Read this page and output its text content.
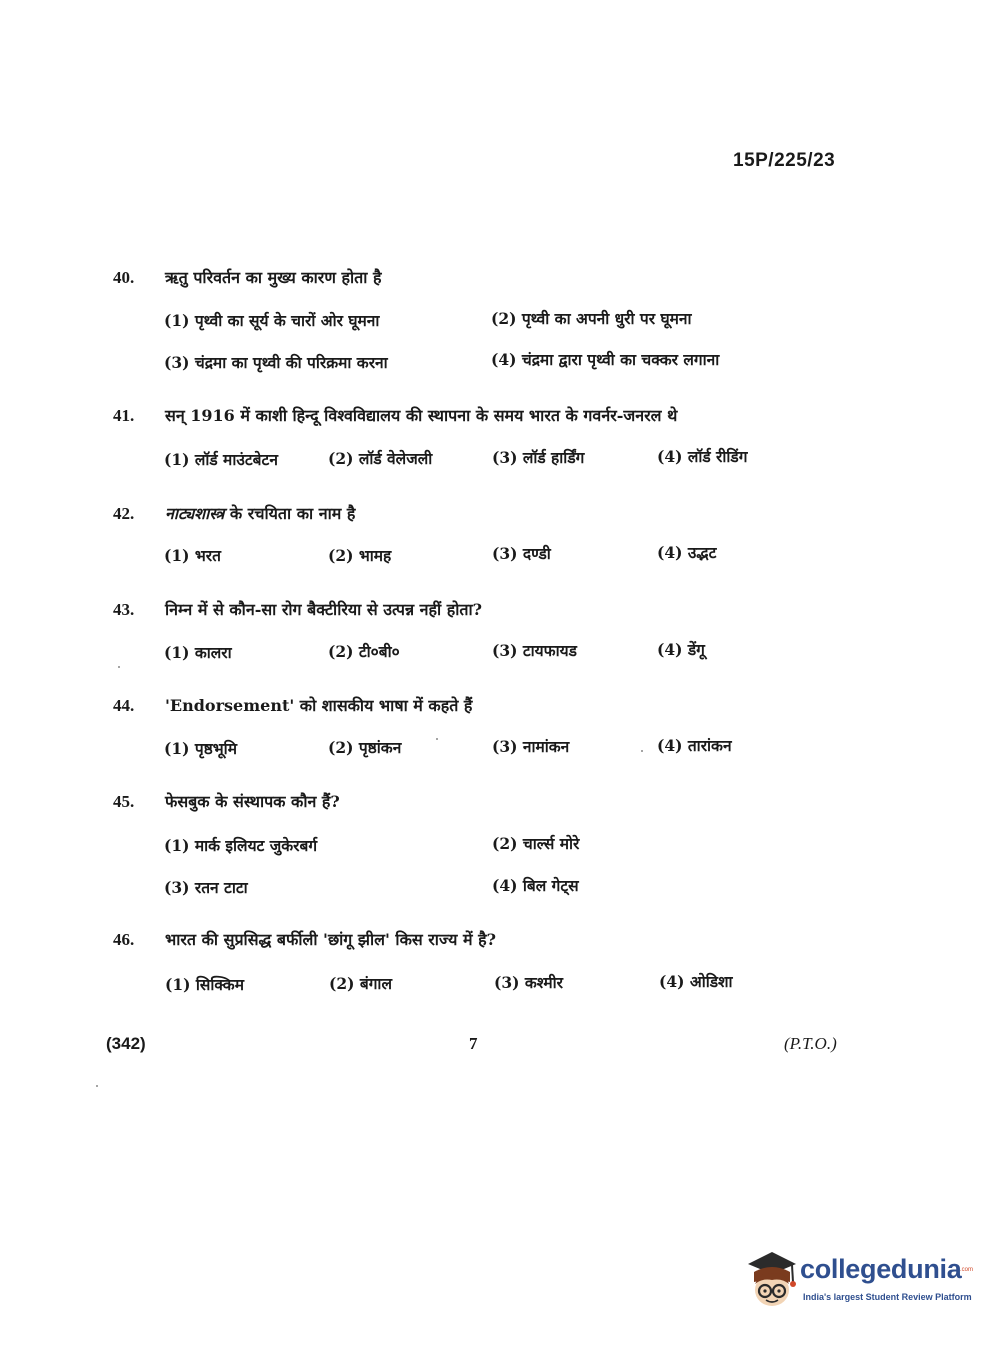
15P/225/23
40. ऋतु परिवर्तन का मुख्य कारण होता है
(1) पृथ्वी का सूर्य के चारों ओर घूमना	(2) पृथ्वी का अपनी धुरी पर घूमना
(3) चंद्रमा का पृथ्वी की परिक्रमा करना	(4) चंद्रमा द्वारा पृथ्वी का चक्कर लगाना
41. सन् 1916 में काशी हिन्दू विश्वविद्यालय की स्थापना के समय भारत के गवर्नर-जनरल थे
(1) लॉर्ड माउंटबेटन	(2) लॉर्ड वेलेजली	(3) लॉर्ड हार्डिंग	(4) लॉर्ड रीडिंग
42. नाट्यशास्त्र के रचयिता का नाम है
(1) भरत	(2) भामह	(3) दण्डी	(4) उद्भट
43. निम्न में से कौन-सा रोग बैक्टीरिया से उत्पन्न नहीं होता?
(1) कालरा	(2) टी०बी०	(3) टायफायड	(4) डेंगू
44. 'Endorsement' को शासकीय भाषा में कहते हैं
(1) पृष्ठभूमि	(2) पृष्ठांकन	(3) नामांकन	(4) तारांकन
45. फेसबुक के संस्थापक कौन हैं?
(1) मार्क इलियट जुकेरबर्ग	(2) चार्ल्स मोरे
(3) रतन टाटा	(4) बिल गेट्स
46. भारत की सुप्रसिद्ध बर्फीली 'छांगू झील' किस राज्य में है?
(1) सिक्किम	(2) बंगाल	(3) कश्मीर	(4) ओडिशा
(342)	7	(P.T.O.)
collegedunia
.com
India's largest Student Review Platform
